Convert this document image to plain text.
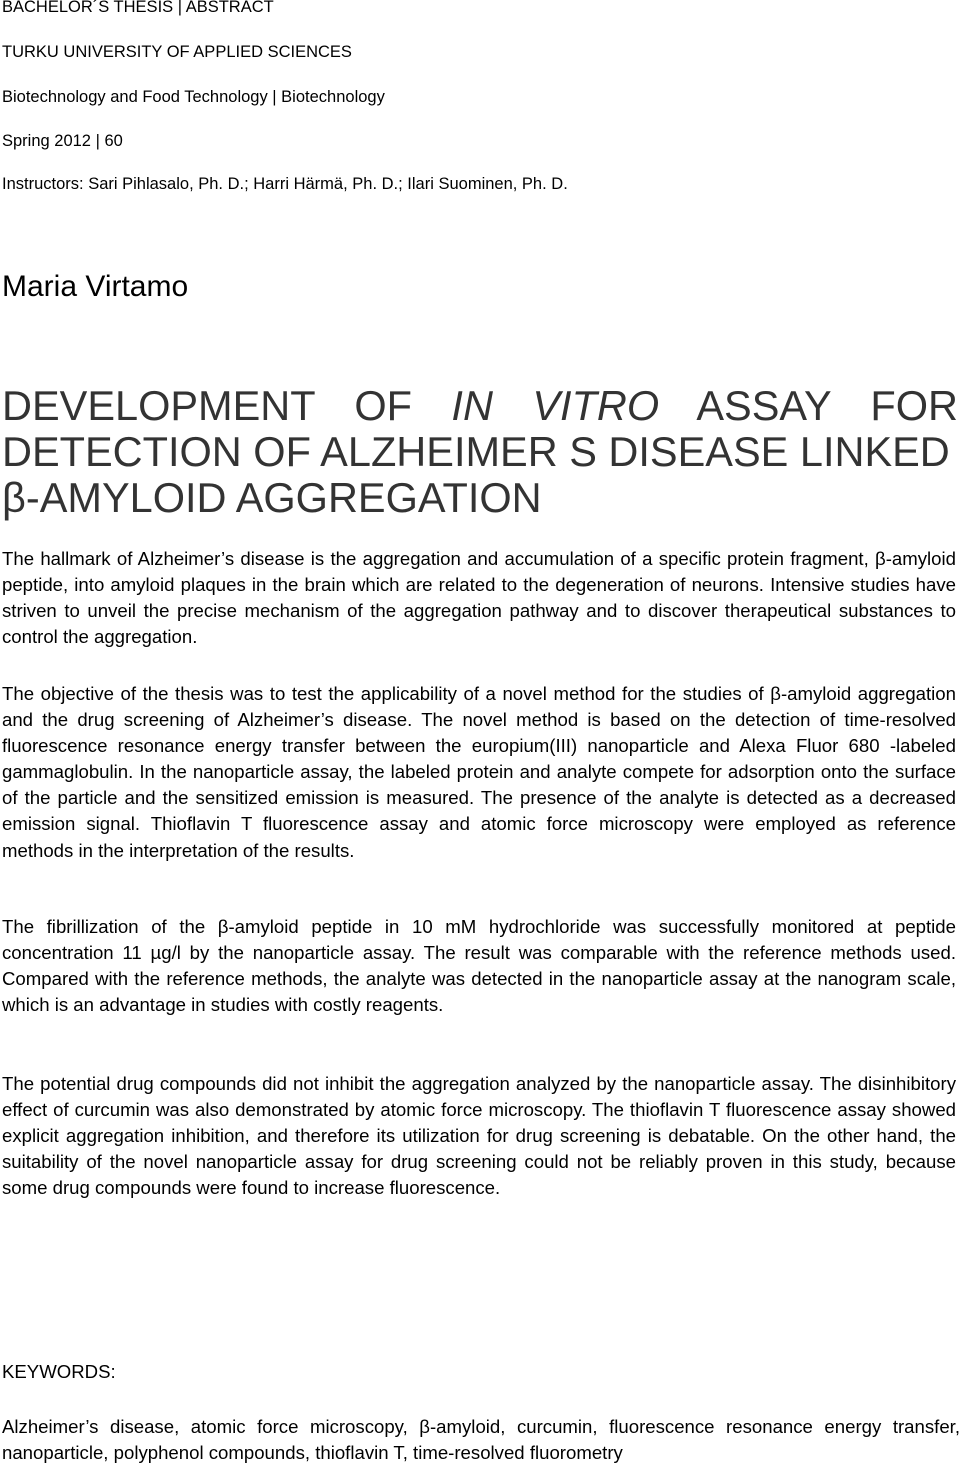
BACHELOR´S THESIS | ABSTRACT
TURKU UNIVERSITY OF APPLIED SCIENCES
Biotechnology and Food Technology | Biotechnology
Spring 2012 | 60
Instructors: Sari Pihlasalo, Ph. D.; Harri Härmä, Ph. D.; Ilari Suominen, Ph. D.
Maria Virtamo
DEVELOPMENT OF IN VITRO ASSAY FOR
DETECTION OF ALZHEIMER S DISEASE LINKED
β-AMYLOID AGGREGATION

The hallmark of Alzheimer’s disease is the aggregation and accumulation of a specific protein fragment, β-amyloid peptide, into amyloid plaques in the brain which are related to the degeneration of neurons. Intensive studies have striven to unveil the precise mechanism of the aggregation pathway and to discover therapeutical substances to control the aggregation.

The objective of the thesis was to test the applicability of a novel method for the studies of β-amyloid aggregation and the drug screening of Alzheimer’s disease. The novel method is based on the detection of time-resolved fluorescence resonance energy transfer between the europium(III) nanoparticle and Alexa Fluor 680 -labeled gammaglobulin. In the nanoparticle assay, the labeled protein and analyte compete for adsorption onto the surface of the particle and the sensitized emission is measured. The presence of the analyte is detected as a decreased emission signal. Thioflavin T fluorescence assay and atomic force microscopy were employed as reference methods in the interpretation of the results.

The fibrillization of the β-amyloid peptide in 10 mM hydrochloride was successfully monitored at peptide concentration 11 µg/l by the nanoparticle assay. The result was comparable with the reference methods used. Compared with the reference methods, the analyte was detected in the nanoparticle assay at the nanogram scale, which is an advantage in studies with costly reagents.

The potential drug compounds did not inhibit the aggregation analyzed by the nanoparticle assay. The disinhibitory effect of curcumin was also demonstrated by atomic force microscopy. The thioflavin T fluorescence assay showed explicit aggregation inhibition, and therefore its utilization for drug screening is debatable. On the other hand, the suitability of the novel nanoparticle assay for drug screening could not be reliably proven in this study, because some drug compounds were found to increase fluorescence.

KEYWORDS:

Alzheimer’s disease, atomic force microscopy, β-amyloid, curcumin, fluorescence resonance energy transfer, nanoparticle, polyphenol compounds, thioflavin T, time-resolved fluorometry
